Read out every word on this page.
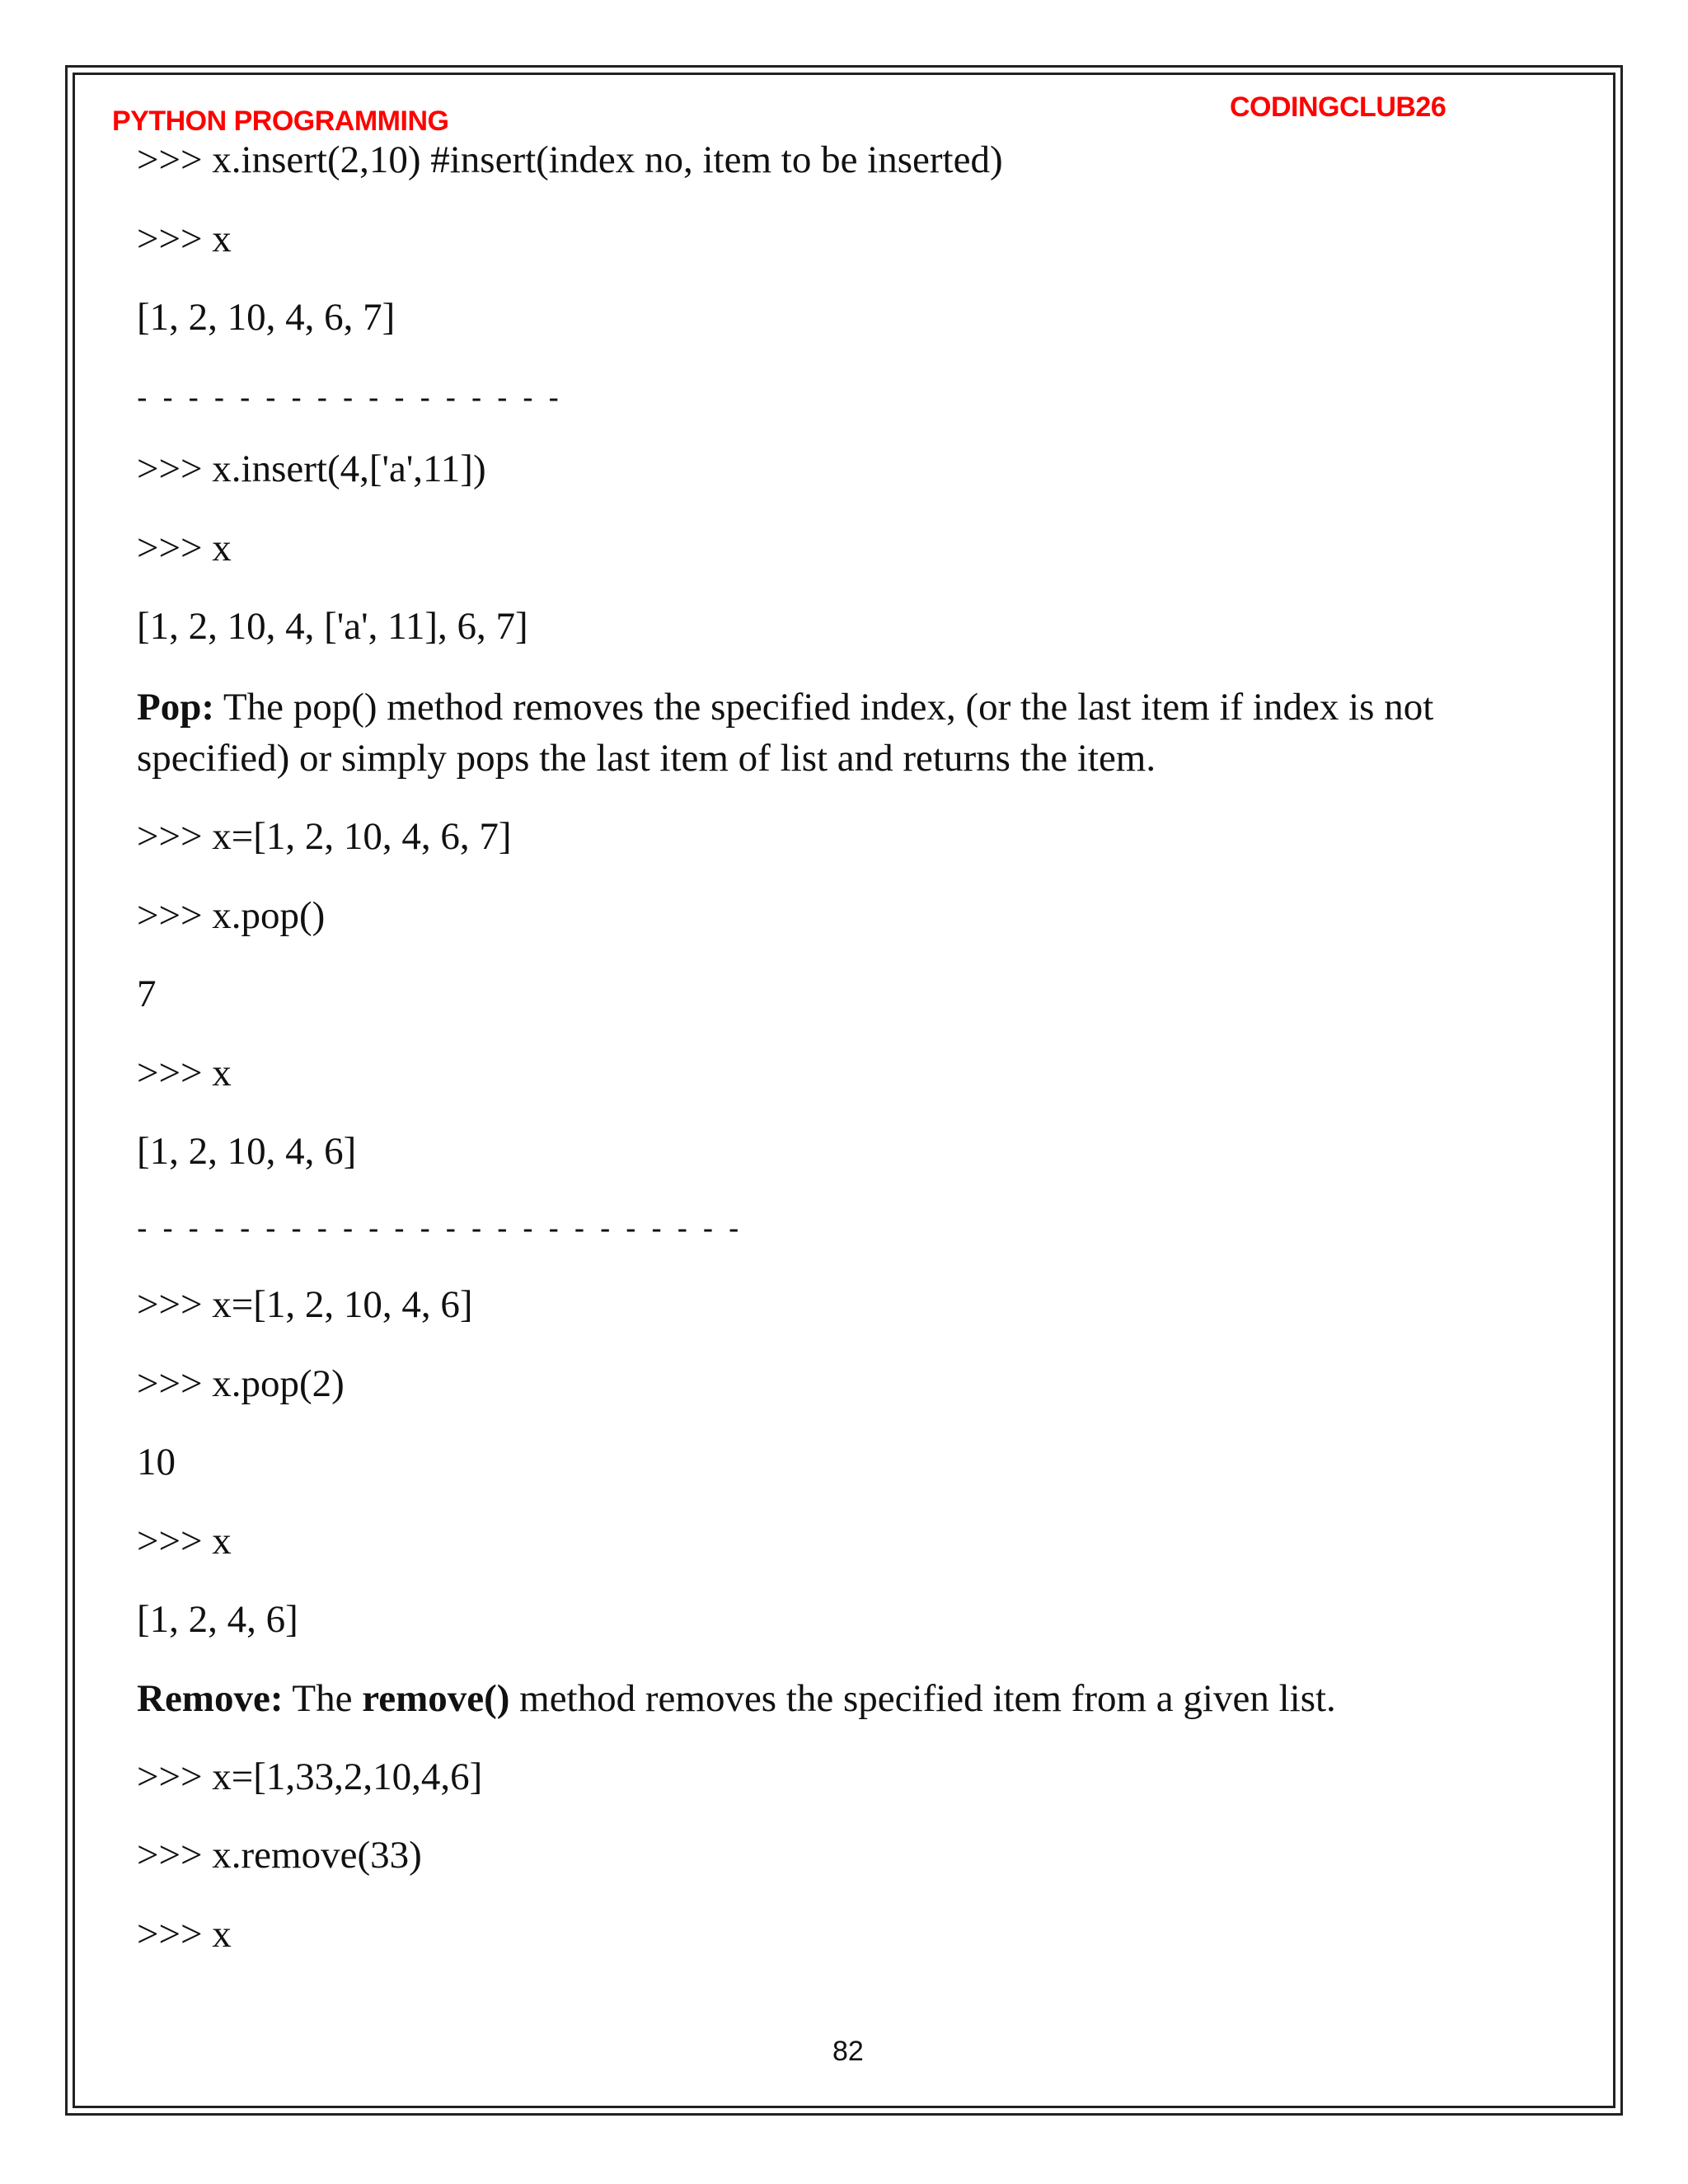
PYTHON PROGRAMMING	CODINGCLUB26
>>> x.insert(2,10) #insert(index no, item to be inserted)
>>> x
[1, 2, 10, 4, 6, 7]
- - - - - - - - - - - - - - - - -
>>> x.insert(4,['a',11])
>>> x
[1, 2, 10, 4, ['a', 11], 6, 7]
Pop: The pop() method removes the specified index, (or the last item if index is not specified) or simply pops the last item of list and returns the item.
>>> x=[1, 2, 10, 4, 6, 7]
>>> x.pop()
7
>>> x
[1, 2, 10, 4, 6]
- - - - - - - - - - - - - - - - - - - - - - - -
>>> x=[1, 2, 10, 4, 6]
>>> x.pop(2)
10
>>> x
[1, 2, 4, 6]
Remove: The remove() method removes the specified item from a given list.
>>> x=[1,33,2,10,4,6]
>>> x.remove(33)
>>> x
82
